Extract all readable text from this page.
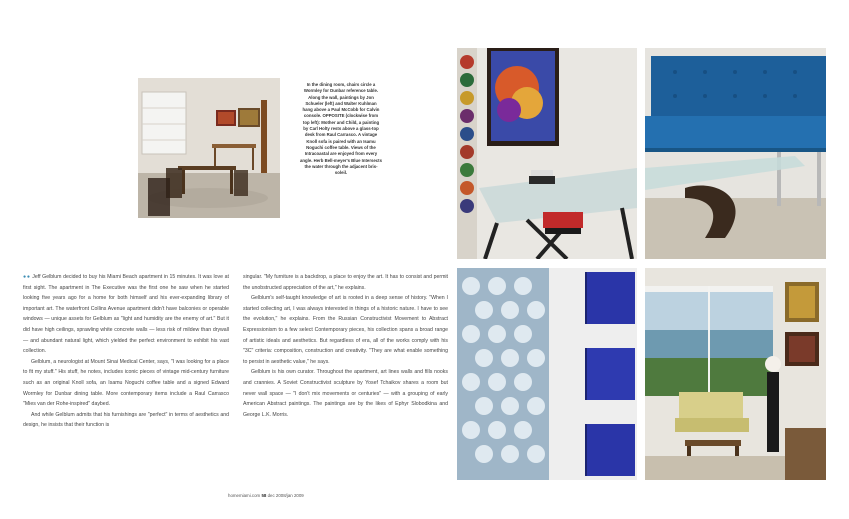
In the dining room, chairs circle a Wormley for Dunbar reference table. Along the wall, paintings by Jon Schueler (left) and Walter Kuhlman hang above a Paul McCobb for Calvin console. OPPOSITE (clockwise from top left): Mother and Child, a painting by Carl Holty rests above a glass-top desk from Raul Carrasco. A vintage Knoll sofa is paired with an Isamu Noguchi coffee table. Views of the Intracoastal are enjoyed from every angle. Herb Bell-meyer's Blue Intersects the water through the adjacent bris-soleil.

●● Jeff Gelblum decided to buy his Miami Beach apartment in 15 minutes. It was love at first sight. The apartment in The Executive was the first one he saw when he started looking five years ago for a home for both himself and his ever-expanding library of important art. The waterfront Collins Avenue apartment didn't have balconies or operable windows — unique assets for Gelblum as "light and humidity are the enemy of art." But it did have high ceilings, sprawling white concrete walls — less risk of mildew than drywall — and abundant natural light, which yielded the perfect environment to exhibit his vast collection.

Gelblum, a neurologist at Mount Sinai Medical Center, says, "I was looking for a place to fit my stuff." His stuff, he notes, includes iconic pieces of vintage mid-century furniture such as an original Knoll sofa, an Isamu Noguchi coffee table and a signed Edward Wormley for Dunbar dining table. More contemporary items include a Raul Carrasco "Mies van der Rohe-inspired" daybed.

And while Gelblum admits that his furnishings are "perfect" in terms of aesthetics and design, he insists that their function is

singular. "My furniture is a backdrop, a place to enjoy the art. It has to consist and permit the unobstructed appreciation of the art," he explains.

Gelblum's self-taught knowledge of art is rooted in a deep sense of history. "When I started collecting art, I was always interested in things of a historic nature. I have to see the evolution," he explains. From the Russian Constructivist Movement to Abstract Expressionism to a few select Contemporary pieces, his collection spans a broad range of artistic ideals and aesthetics. But regardless of era, all of the works comply with his "3C" criteria: composition, construction and creativity. "They are what enable something to persist in aesthetic value," he says.

Gelblum is his own curator. Throughout the apartment, art lines walls and fills nooks and crannies. A Soviet Constructivist sculpture by Yosef Tchaikov shares a room but never wall space — "I don't mix movements or centuries" — with a grouping of early American Abstract paintings. The paintings are by the likes of Ephyr Slobodkina and George L.K. Morris.

homemiami.com 58 dec 2008/jan 2009
